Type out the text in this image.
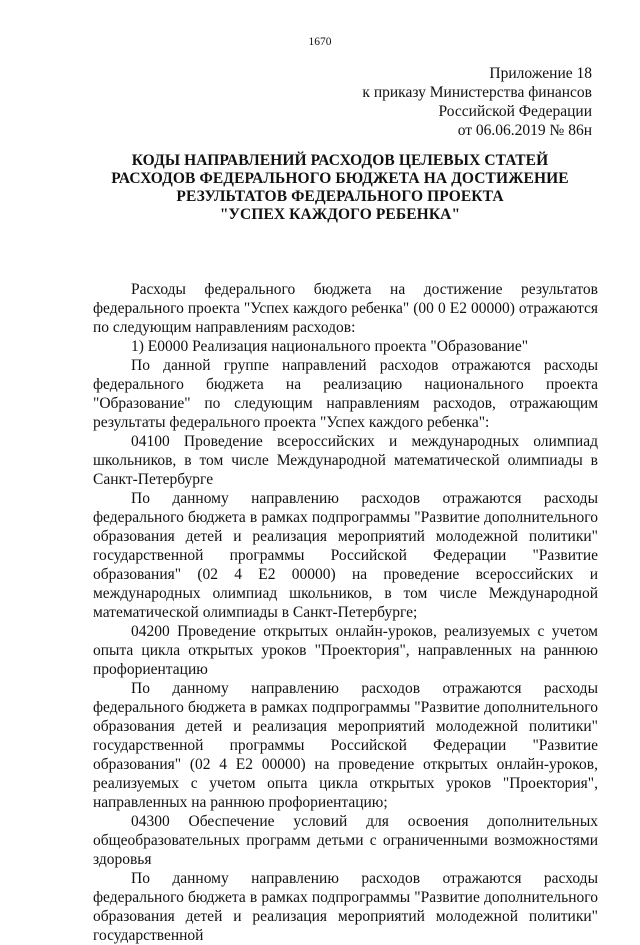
1670
Приложение 18
к приказу Министерства финансов
Российской Федерации
от 06.06.2019 № 86н
КОДЫ НАПРАВЛЕНИЙ РАСХОДОВ ЦЕЛЕВЫХ СТАТЕЙ
РАСХОДОВ ФЕДЕРАЛЬНОГО БЮДЖЕТА НА ДОСТИЖЕНИЕ
РЕЗУЛЬТАТОВ ФЕДЕРАЛЬНОГО ПРОЕКТА
"УСПЕХ КАЖДОГО РЕБЕНКА"

Расходы федерального бюджета на достижение результатов федерального проекта "Успех каждого ребенка" (00 0 Е2 00000) отражаются по следующим направлениям расходов:

1) Е0000 Реализация национального проекта "Образование"

По данной группе направлений расходов отражаются расходы федерального бюджета на реализацию национального проекта "Образование" по следующим направлениям расходов, отражающим результаты федерального проекта "Успех каждого ребенка":

04100 Проведение всероссийских и международных олимпиад школьников, в том числе Международной математической олимпиады в Санкт-Петербурге

По данному направлению расходов отражаются расходы федерального бюджета в рамках подпрограммы "Развитие дополнительного образования детей и реализация мероприятий молодежной политики" государственной программы Российской Федерации "Развитие образования" (02 4 Е2 00000) на проведение всероссийских и международных олимпиад школьников, в том числе Международной математической олимпиады в Санкт-Петербурге;

04200 Проведение открытых онлайн-уроков, реализуемых с учетом опыта цикла открытых уроков "Проектория", направленных на раннюю профориентацию

По данному направлению расходов отражаются расходы федерального бюджета в рамках подпрограммы "Развитие дополнительного образования детей и реализация мероприятий молодежной политики" государственной программы Российской Федерации "Развитие образования" (02 4 Е2 00000) на проведение открытых онлайн-уроков, реализуемых с учетом опыта цикла открытых уроков "Проектория", направленных на раннюю профориентацию;

04300 Обеспечение условий для освоения дополнительных общеобразовательных программ детьми с ограниченными возможностями здоровья

По данному направлению расходов отражаются расходы федерального бюджета в рамках подпрограммы "Развитие дополнительного образования детей и реализация мероприятий молодежной политики" государственной
